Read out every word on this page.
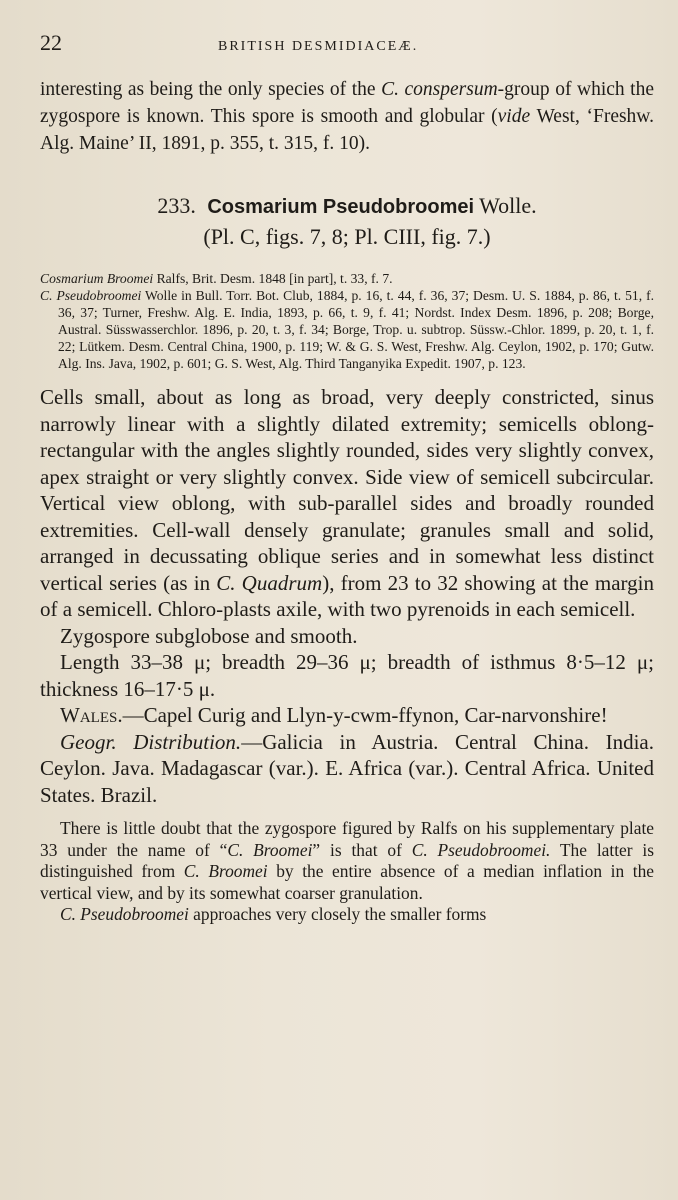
22	BRITISH DESMIDIACEÆ.

interesting as being the only species of the C. conspersum-group of which the zygospore is known. This spore is smooth and globular (vide West, ‘Freshw. Alg. Maine’ II, 1891, p. 355, t. 315, f. 10).

233. Cosmarium Pseudobroomei Wolle.
(Pl. C, figs. 7, 8; Pl. CIII, fig. 7.)

Cosmarium Broomei Ralfs, Brit. Desm. 1848 [in part], t. 33, f. 7.

C. Pseudobroomei Wolle in Bull. Torr. Bot. Club, 1884, p. 16, t. 44, f. 36, 37; Desm. U. S. 1884, p. 86, t. 51, f. 36, 37; Turner, Freshw. Alg. E. India, 1893, p. 66, t. 9, f. 41; Nordst. Index Desm. 1896, p. 208; Borge, Austral. Süsswasserchlor. 1896, p. 20, t. 3, f. 34; Borge, Trop. u. subtrop. Süssw.-Chlor. 1899, p. 20, t. 1, f. 22; Lütkem. Desm. Central China, 1900, p. 119; W. & G. S. West, Freshw. Alg. Ceylon, 1902, p. 170; Gutw. Alg. Ins. Java, 1902, p. 601; G. S. West, Alg. Third Tanganyika Expedit. 1907, p. 123.

Cells small, about as long as broad, very deeply constricted, sinus narrowly linear with a slightly dilated extremity; semicells oblong-rectangular with the angles slightly rounded, sides very slightly convex, apex straight or very slightly convex. Side view of semicell subcircular. Vertical view oblong, with sub-parallel sides and broadly rounded extremities. Cell-wall densely granulate; granules small and solid, arranged in decussating oblique series and in somewhat less distinct vertical series (as in C. Quadrum), from 23 to 32 showing at the margin of a semicell. Chloro-plasts axile, with two pyrenoids in each semicell.

Zygospore subglobose and smooth.

Length 33–38 μ; breadth 29–36 μ; breadth of isthmus 8·5–12 μ; thickness 16–17·5 μ.

Wales.—Capel Curig and Llyn-y-cwm-ffynon, Car-narvonshire!

Geogr. Distribution.—Galicia in Austria. Central China. India. Ceylon. Java. Madagascar (var.). E. Africa (var.). Central Africa. United States. Brazil.

There is little doubt that the zygospore figured by Ralfs on his supplementary plate 33 under the name of “C. Broomei” is that of C. Pseudobroomei. The latter is distinguished from C. Broomei by the entire absence of a median inflation in the vertical view, and by its somewhat coarser granulation.

C. Pseudobroomei approaches very closely the smaller forms
